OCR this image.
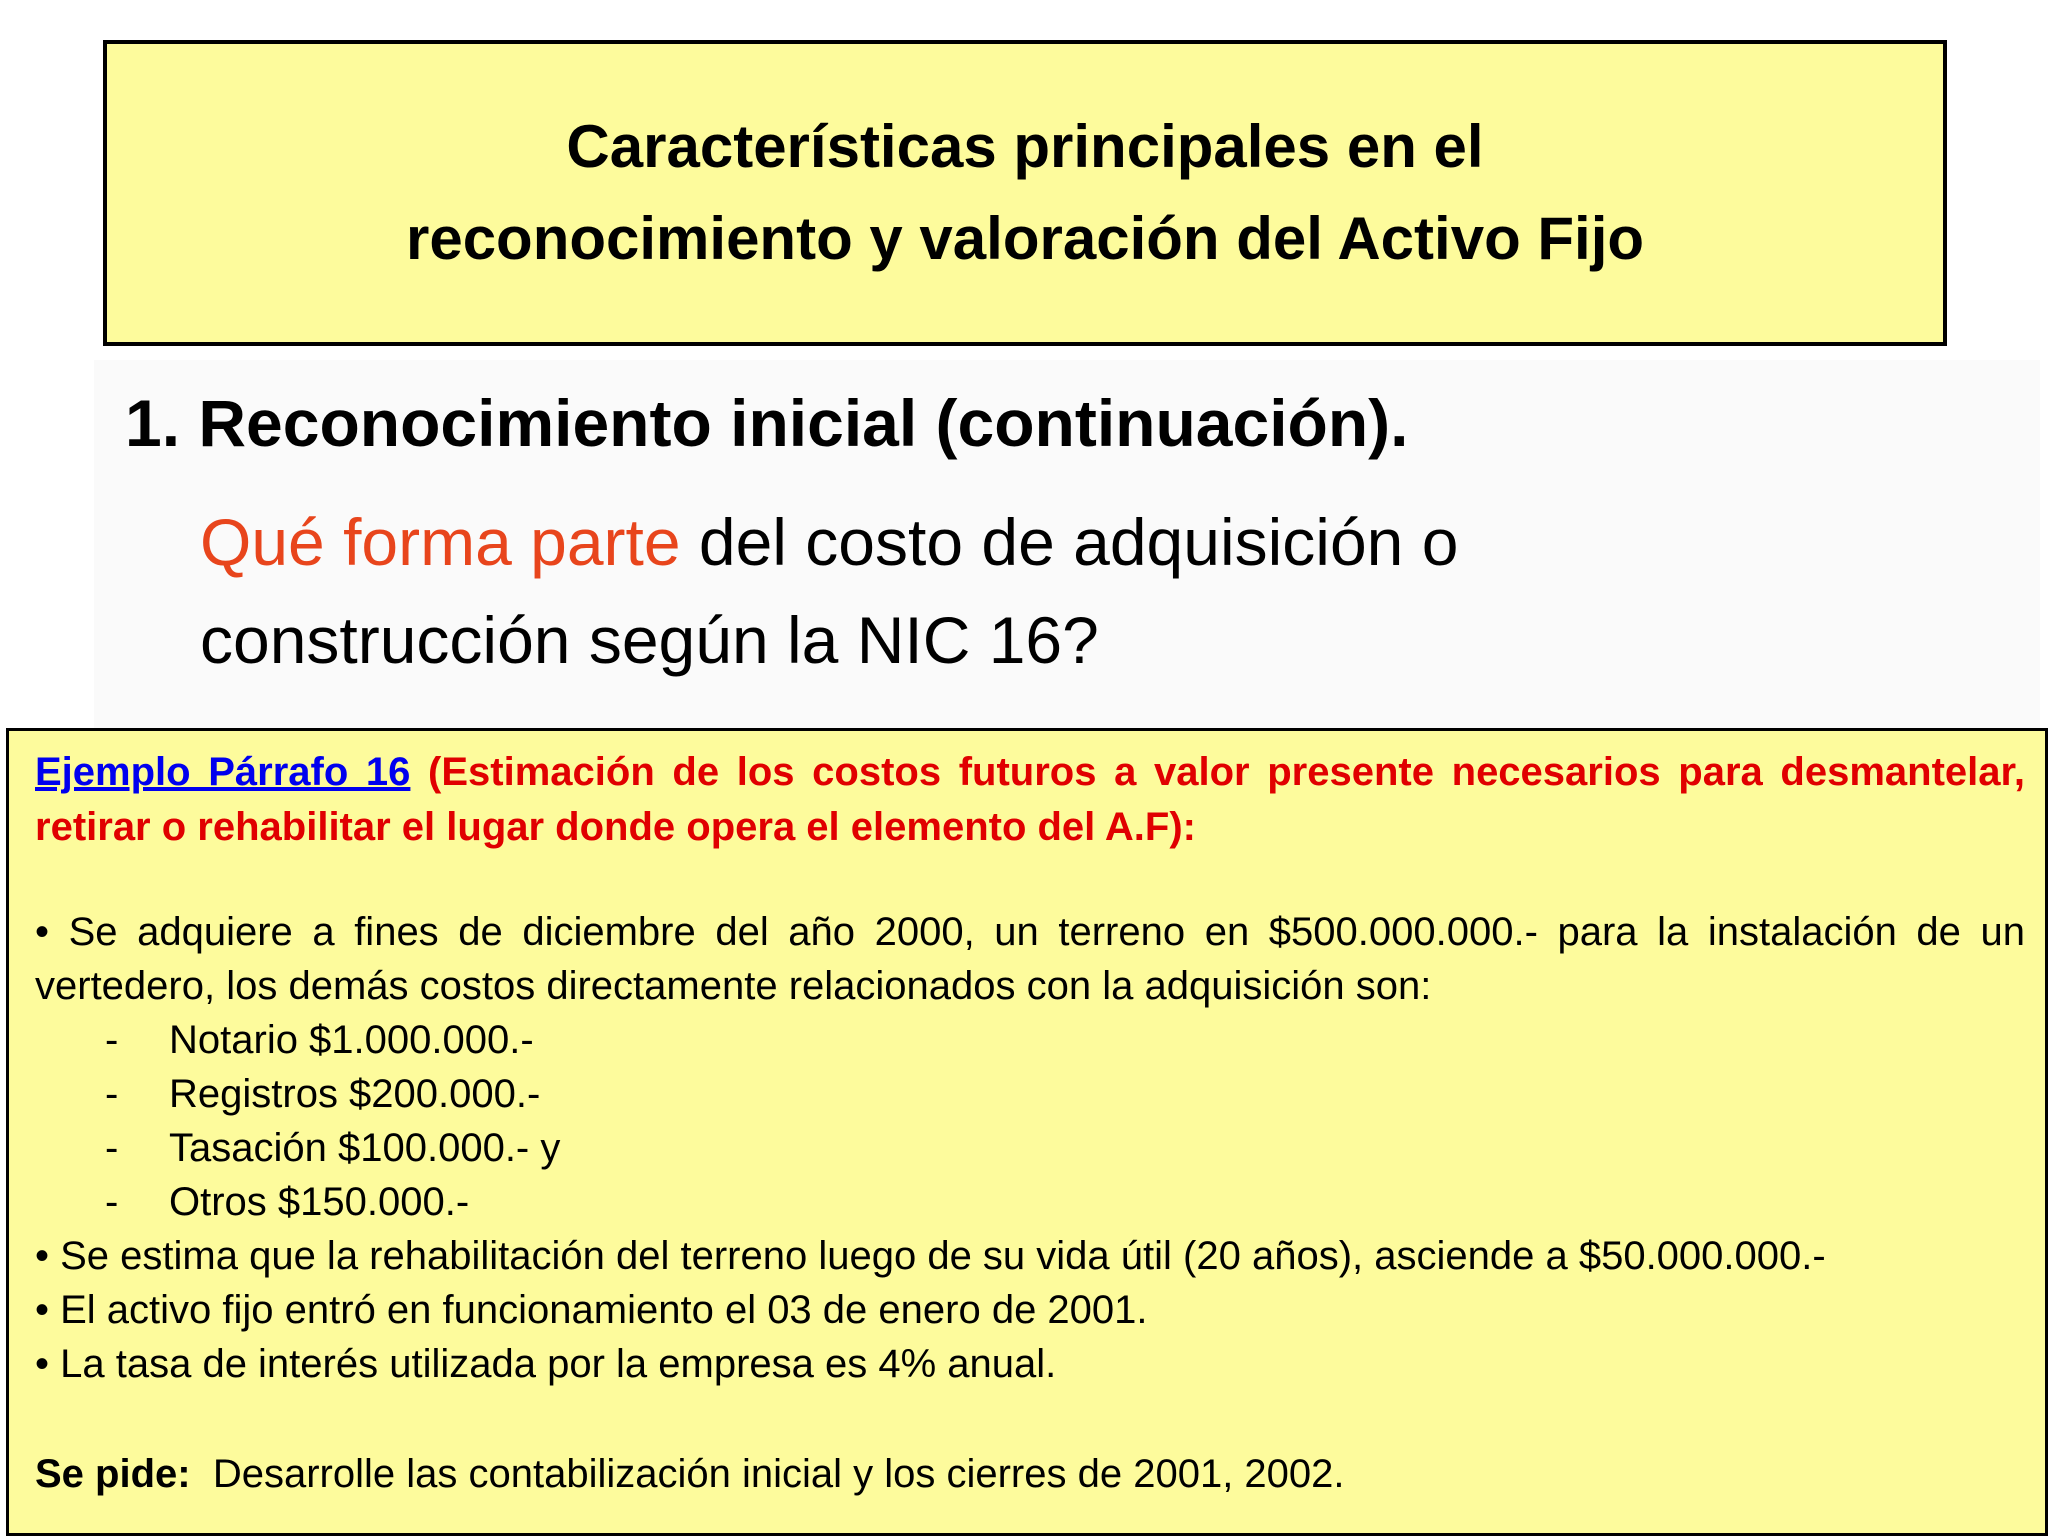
Características principales en el
reconocimiento y valoración del Activo Fijo
1. Reconocimiento inicial (continuación).
Qué forma parte del costo de adquisición o
construcción según la NIC 16?
Ejemplo Párrafo 16 (Estimación de los costos futuros a valor presente necesarios para desmantelar, retirar o rehabilitar el lugar donde opera el elemento del A.F):
• Se adquiere a fines de diciembre del año 2000, un terreno en $500.000.000.- para la instalación de un vertedero, los demás costos directamente relacionados con la adquisición son:
-	Notario $1.000.000.-
-	Registros $200.000.-
-	Tasación $100.000.- y
-	Otros $150.000.-
• Se estima que la rehabilitación del terreno luego de su vida útil (20 años), asciende a $50.000.000.-
• El activo fijo entró en funcionamiento el 03 de enero de 2001.
• La tasa de interés utilizada por la empresa es 4% anual.
Se pide:  Desarrolle las contabilización inicial y los cierres de 2001, 2002.
